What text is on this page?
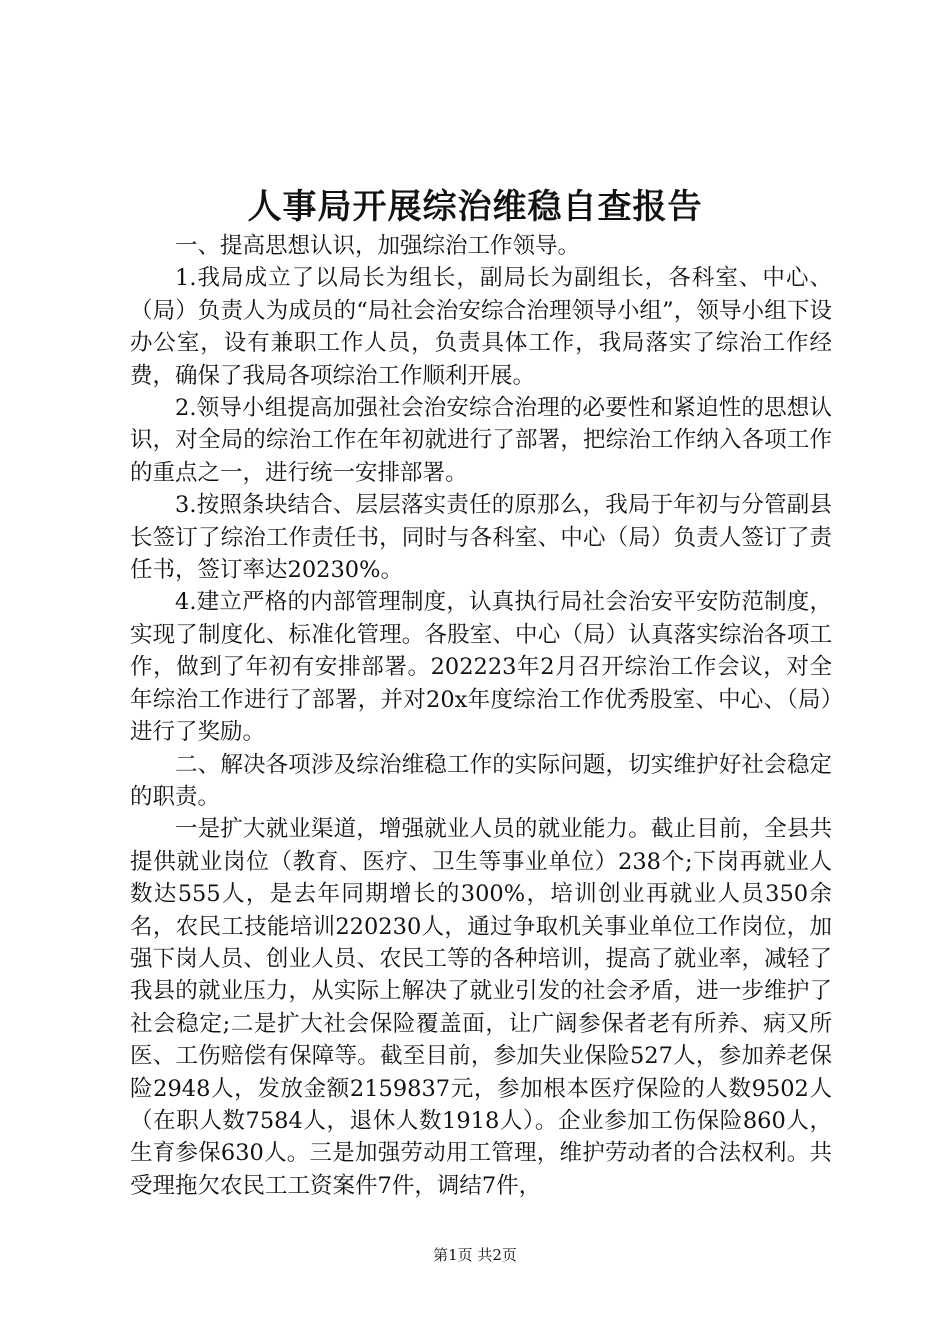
人事局开展综治维稳自查报告

一、提高思想认识，加强综治工作领导。

1.我局成立了以局长为组长，副局长为副组长，各科室、中心、（局）负责人为成员的“局社会治安综合治理领导小组”，领导小组下设办公室，设有兼职工作人员，负责具体工作，我局落实了综治工作经费，确保了我局各项综治工作顺利开展。

2.领导小组提高加强社会治安综合治理的必要性和紧迫性的思想认识，对全局的综治工作在年初就进行了部署，把综治工作纳入各项工作的重点之一，进行统一安排部署。

3.按照条块结合、层层落实责任的原那么，我局于年初与分管副县长签订了综治工作责任书，同时与各科室、中心（局）负责人签订了责任书，签订率达20230%。

4.建立严格的内部管理制度，认真执行局社会治安平安防范制度，实现了制度化、标准化管理。各股室、中心（局）认真落实综治各项工作，做到了年初有安排部署。202223年2月召开综治工作会议，对全年综治工作进行了部署，并对20x年度综治工作优秀股室、中心、（局）进行了奖励。

二、解决各项涉及综治维稳工作的实际问题，切实维护好社会稳定的职责。

一是扩大就业渠道，增强就业人员的就业能力。截止目前，全县共提供就业岗位（教育、医疗、卫生等事业单位）238个;下岗再就业人数达555人，是去年同期增长的300%，培训创业再就业人员350余名，农民工技能培训220230人，通过争取机关事业单位工作岗位，加强下岗人员、创业人员、农民工等的各种培训，提高了就业率，减轻了我县的就业压力，从实际上解决了就业引发的社会矛盾，进一步维护了社会稳定;二是扩大社会保险覆盖面，让广阔参保者老有所养、病又所医、工伤赔偿有保障等。截至目前，参加失业保险527人，参加养老保险2948人，发放金额2159837元，参加根本医疗保险的人数9502人（在职人数7584人，退休人数1918人）。企业参加工伤保险860人，生育参保630人。三是加强劳动用工管理，维护劳动者的合法权利。共受理拖欠农民工工资案件7件，调结7件，

第1页 共2页
